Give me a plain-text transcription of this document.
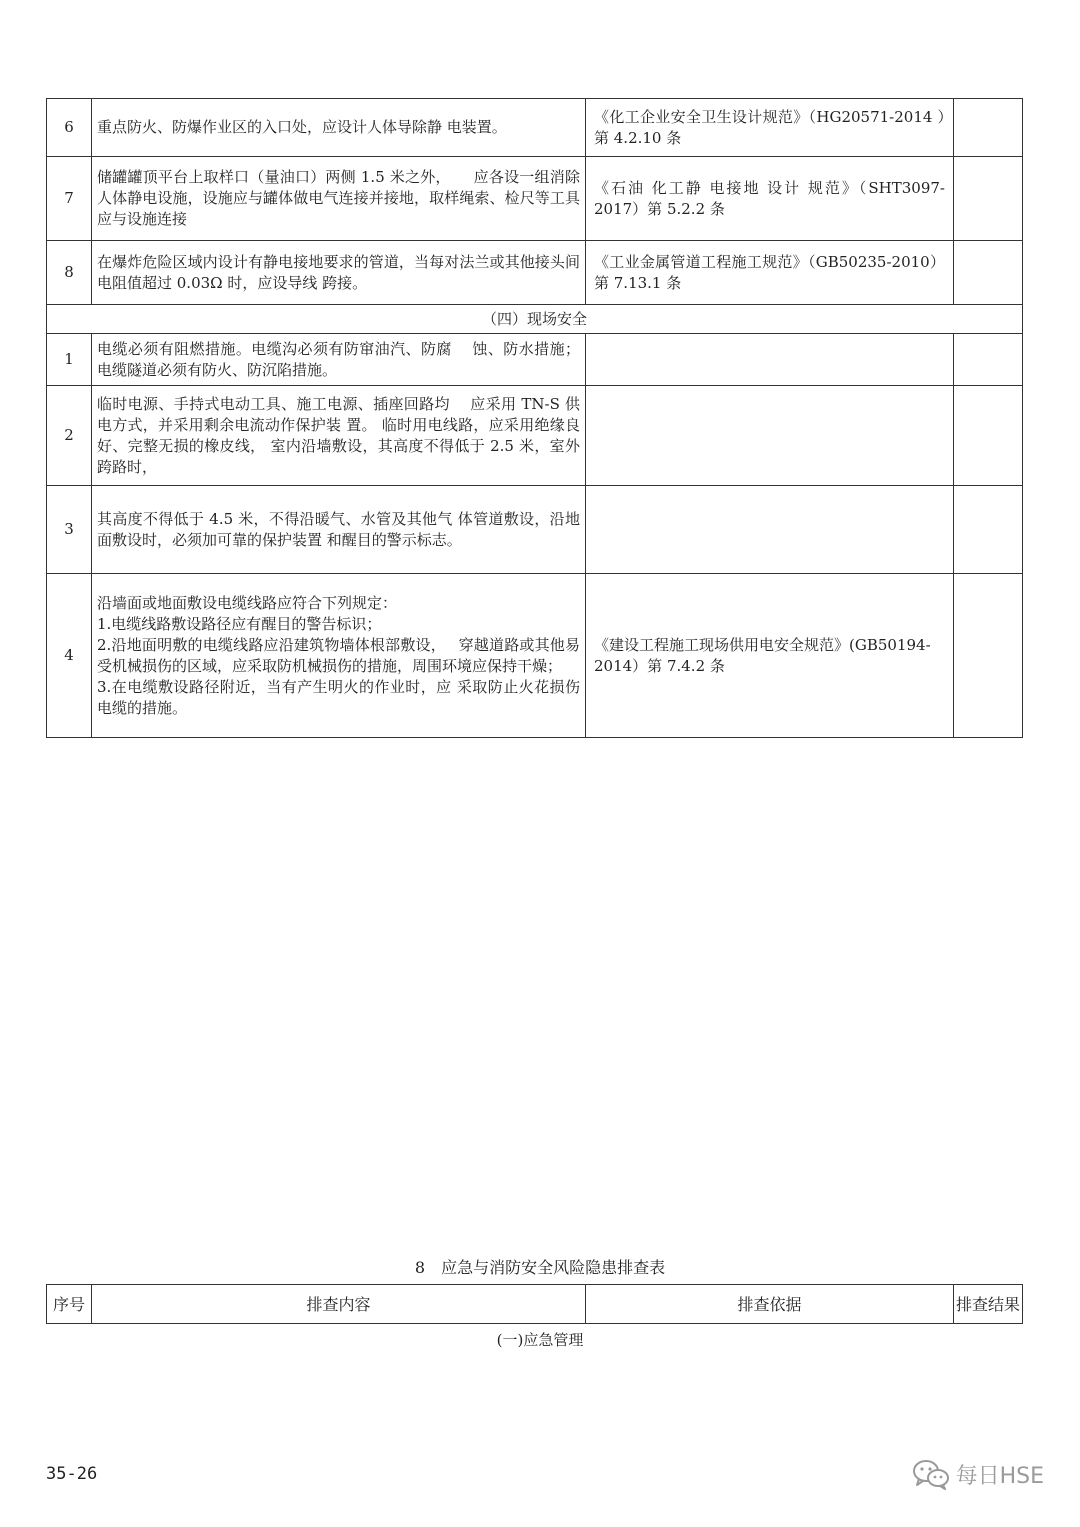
6	重点防火、防爆作业区的入口处，应设计人体导除静 电装置。	《化工企业安全卫生设计规范》（HG20571-2014 ）第 4.2.10 条	
7	储罐罐顶平台上取样口（量油口）两侧 1.5 米之外，　　应各设一组消除人体静电设施，设施应与罐体做电气连接并接地，取样绳索、检尺等工具应与设施连接	《石油 化工静 电接地 设计 规范》（SHT3097-2017）第 5.2.2 条	
8	在爆炸危险区域内设计有静电接地要求的管道，当每对法兰或其他接头间电阻值超过 0.03Ω 时，应设导线 跨接。	《工业金属管道工程施工规范》（GB50235-2010）第 7.13.1 条	
（四）现场安全			
1	电缆必须有阻燃措施。电缆沟必须有防窜油汽、防腐　 蚀、防水措施；电缆隧道必须有防火、防沉陷措施。		
2	临时电源、手持式电动工具、施工电源、插座回路均　 应采用 TN-S 供电方式，并采用剩余电流动作保护装 置。 临时用电线路，应采用绝缘良好、完整无损的橡皮线， 室内沿墙敷设，其高度不得低于 2.5 米，室外跨路时，		
3	其高度不得低于 4.5 米，不得沿暖气、水管及其他气 体管道敷设，沿地面敷设时，必须加可靠的保护装置 和醒目的警示标志。		
4	沿墙面或地面敷设电缆线路应符合下列规定：
1.电缆线路敷设路径应有醒目的警告标识；
2.沿地面明敷的电缆线路应沿建筑物墙体根部敷设，　 穿越道路或其他易受机械损伤的区域，应采取防机械损伤的措施，周围环境应保持干燥；
3.在电缆敷设路径附近，当有产生明火的作业时，应 采取防止火花损伤电缆的措施。	《建设工程施工现场供用电安全规范》(GB50194-2014）第 7.4.2 条	
8 应急与消防安全风险隐患排查表
序号	排查内容	排查依据	排查结果
(一)应急管理
35-26	每日HSE
